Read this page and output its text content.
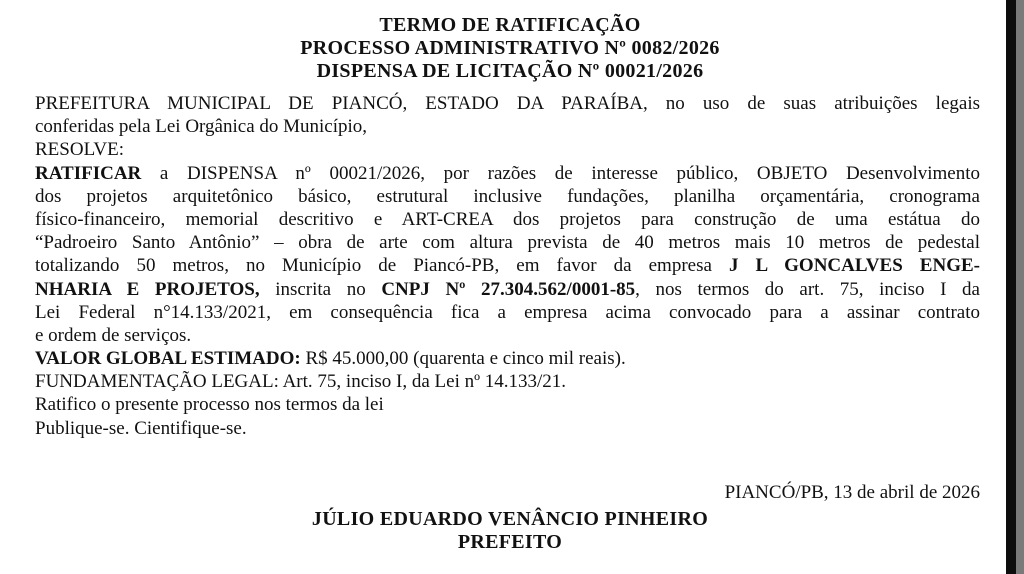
TERMO DE RATIFICAÇÃO
PROCESSO ADMINISTRATIVO Nº 0082/2026
DISPENSA DE LICITAÇÃO Nº 00021/2026
PREFEITURA MUNICIPAL DE PIANCÓ, ESTADO DA PARAÍBA, no uso de suas atribuições legais
conferidas pela Lei Orgânica do Município,
RESOLVE:
RATIFICAR a DISPENSA nº 00021/2026, por razões de interesse público, OBJETO Desenvolvimento
dos projetos arquitetônico básico, estrutural inclusive fundações, planilha orçamentária, cronograma
físico-financeiro, memorial descritivo e ART-CREA dos projetos para construção de uma estátua do
“Padroeiro Santo Antônio” – obra de arte com altura prevista de 40 metros mais 10 metros de pedestal
totalizando 50 metros, no Município de Piancó-PB, em favor da empresa J L GONCALVES ENGE-
NHARIA E PROJETOS, inscrita no CNPJ Nº 27.304.562/0001-85, nos termos do art. 75, inciso I da
Lei Federal n°14.133/2021, em consequência fica a empresa acima convocado para a assinar contrato
e ordem de serviços.
VALOR GLOBAL ESTIMADO: R$ 45.000,00 (quarenta e cinco mil reais).
FUNDAMENTAÇÃO LEGAL: Art. 75, inciso I, da Lei nº 14.133/21.
Ratifico o presente processo nos termos da lei
Publique-se. Cientifique-se.
PIANCÓ/PB, 13 de abril de 2026
JÚLIO EDUARDO VENÂNCIO PINHEIRO
PREFEITO
